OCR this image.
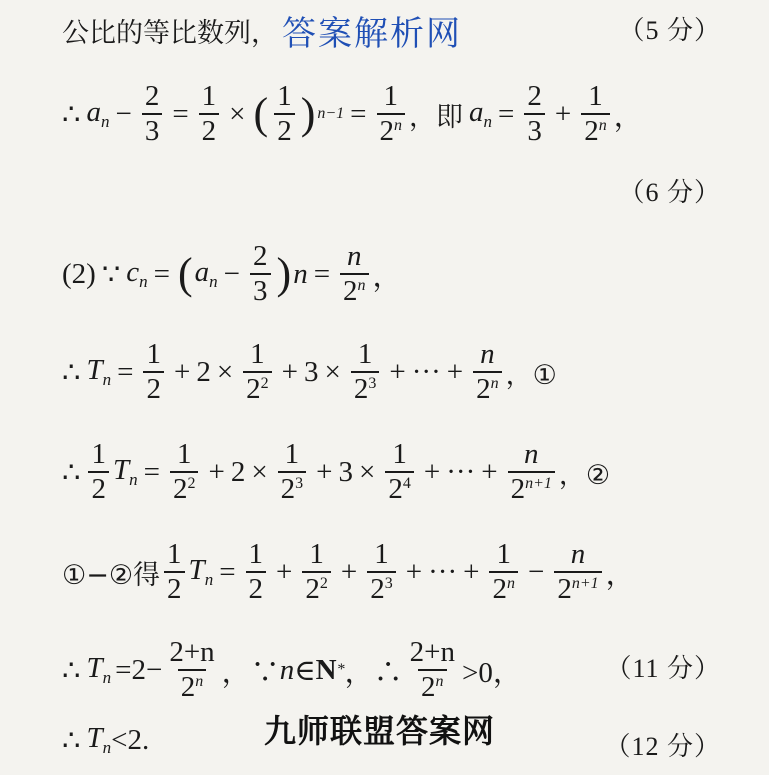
公比的等比数列， 答案解析网	（5 分）
∴ $a_n - \frac{2}{3} = \frac{1}{2}$ × ( $\frac{1}{2}$ ) $n-1 = \frac{1}{2^n}$ ，即 $a_n = \frac{2}{3} + \frac{1}{2^n}$ ，
（6 分）
(2) ∵ $c_n$ = ( $a_n - \frac{2}{3}$ ) $n = \frac{n}{2^n}$ ，
∴ $T_n = \frac{1}{2} + 2 \times \frac{1}{2^2} + 3 \times \frac{1}{2^3}$ + ··· + $\frac{n}{2^n}$ ，①
∴ $\frac{1}{2} T_n = \frac{1}{2^2} + 2 \times \frac{1}{2^3} + 3 \times \frac{1}{2^4}$ + ··· + $\frac{n}{2^{n+1}}$ ，②
①−②得 $\frac{1}{2} T_n = \frac{1}{2} + \frac{1}{2^2} + \frac{1}{2^3}$ + ··· + $\frac{1}{2^n} - \frac{n}{2^{n+1}}$ ，
∴ $T_n =2- \frac{2+n}{2^n}$ ，∵ n ∈ N * ，∴ $\frac{2+n}{2^n} >0$，	（11 分）
∴ $T_n <2$.	（12 分）
九师联盟答案网
